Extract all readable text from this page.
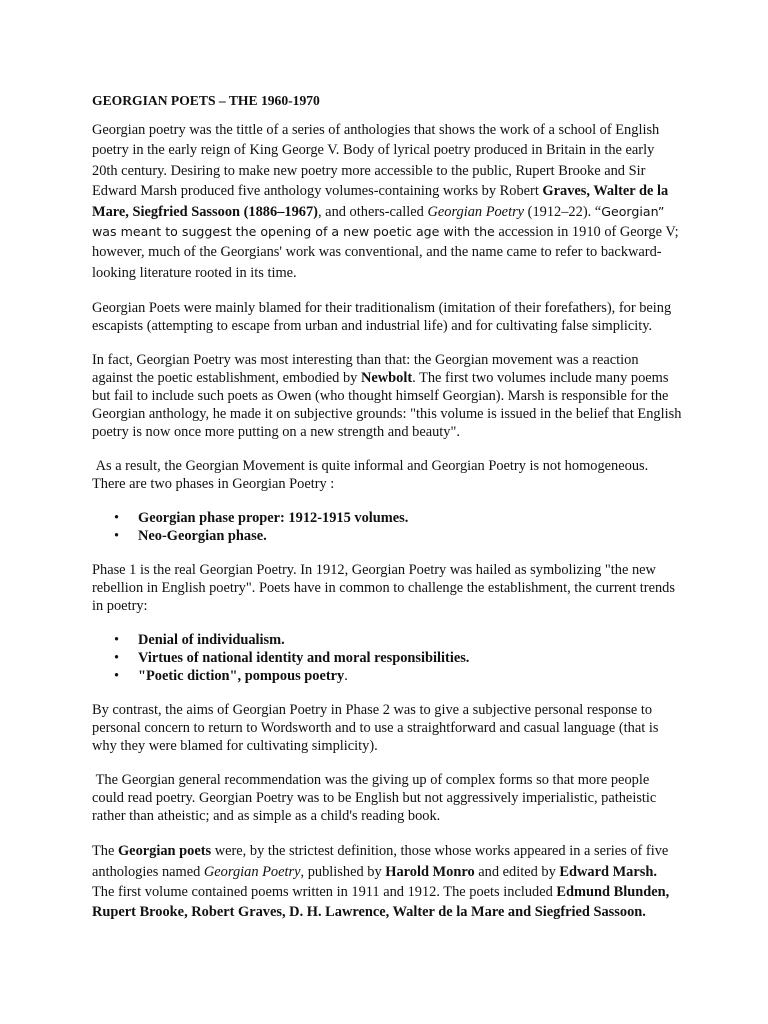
GEORGIAN POETS – THE 1960-1970

Georgian poetry was the tittle of a series of anthologies that shows the work of a school of English poetry in the early reign of King George V. Body of lyrical poetry produced in Britain in the early 20th century. Desiring to make new poetry more accessible to the public, Rupert Brooke and Sir Edward Marsh produced five anthology volumes-containing works by Robert Graves, Walter de la Mare, Siegfried Sassoon (1886–1967), and others-called Georgian Poetry (1912–22). “Georgian” was meant to suggest the opening of a new poetic age with the accession in 1910 of George V; however, much of the Georgians' work was conventional, and the name came to refer to backward-looking literature rooted in its time.

Georgian Poets were mainly blamed for their traditionalism (imitation of their forefathers), for being escapists (attempting to escape from urban and industrial life) and for cultivating false simplicity.

In fact, Georgian Poetry was most interesting than that: the Georgian movement was a reaction against the poetic establishment, embodied by Newbolt. The first two volumes include many poems but fail to include such poets as Owen (who thought himself Georgian). Marsh is responsible for the Georgian anthology, he made it on subjective grounds: "this volume is issued in the belief that English poetry is now once more putting on a new strength and beauty".

As a result, the Georgian Movement is quite informal and Georgian Poetry is not homogeneous. There are two phases in Georgian Poetry :

• Georgian phase proper: 1912-1915 volumes.
• Neo-Georgian phase.

Phase 1 is the real Georgian Poetry. In 1912, Georgian Poetry was hailed as symbolizing "the new rebellion in English poetry". Poets have in common to challenge the establishment, the current trends in poetry:

• Denial of individualism.
• Virtues of national identity and moral responsibilities.
• "Poetic diction", pompous poetry.

By contrast, the aims of Georgian Poetry in Phase 2 was to give a subjective personal response to personal concern to return to Wordsworth and to use a straightforward and casual language (that is why they were blamed for cultivating simplicity).

The Georgian general recommendation was the giving up of complex forms so that more people could read poetry. Georgian Poetry was to be English but not aggressively imperialistic, patheistic rather than atheistic; and as simple as a child's reading book.

The Georgian poets were, by the strictest definition, those whose works appeared in a series of five anthologies named Georgian Poetry, published by Harold Monro and edited by Edward Marsh. The first volume contained poems written in 1911 and 1912. The poets included Edmund Blunden, Rupert Brooke, Robert Graves, D. H. Lawrence, Walter de la Mare and Siegfried Sassoon.
